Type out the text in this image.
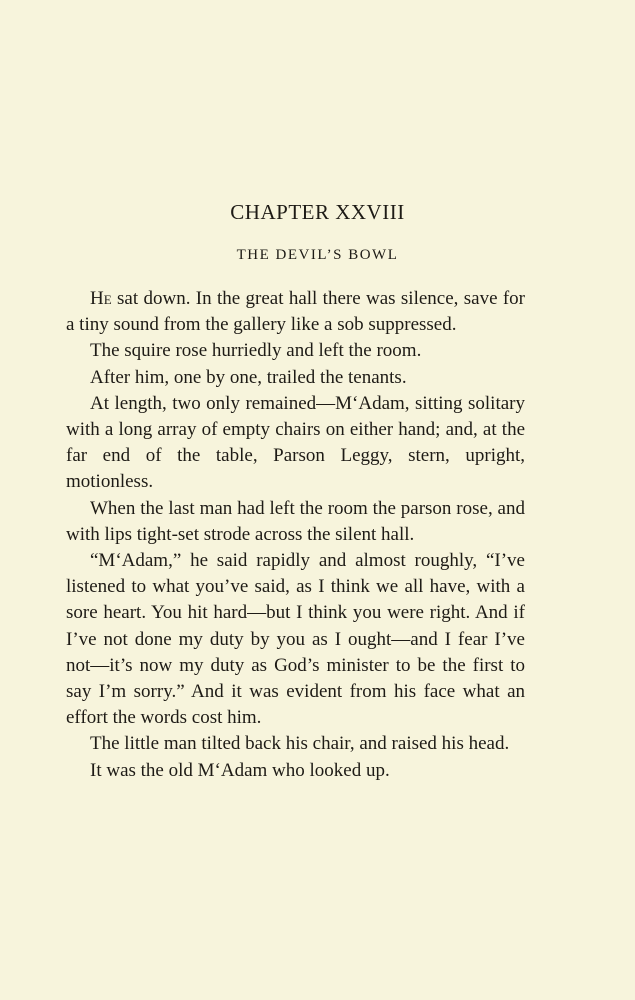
CHAPTER XXVIII
THE DEVIL’S BOWL

He sat down. In the great hall there was silence, save for a tiny sound from the gallery like a sob suppressed.

The squire rose hurriedly and left the room.

After him, one by one, trailed the tenants.

At length, two only remained—M‘Adam, sitting solitary with a long array of empty chairs on either hand; and, at the far end of the table, Parson Leggy, stern, upright, motionless.

When the last man had left the room the parson rose, and with lips tight-set strode across the silent hall.

“M‘Adam,” he said rapidly and almost roughly, “I’ve listened to what you’ve said, as I think we all have, with a sore heart. You hit hard—but I think you were right. And if I’ve not done my duty by you as I ought—and I fear I’ve not—it’s now my duty as God’s minister to be the first to say I’m sorry.” And it was evident from his face what an effort the words cost him.

The little man tilted back his chair, and raised his head.

It was the old M‘Adam who looked up.
